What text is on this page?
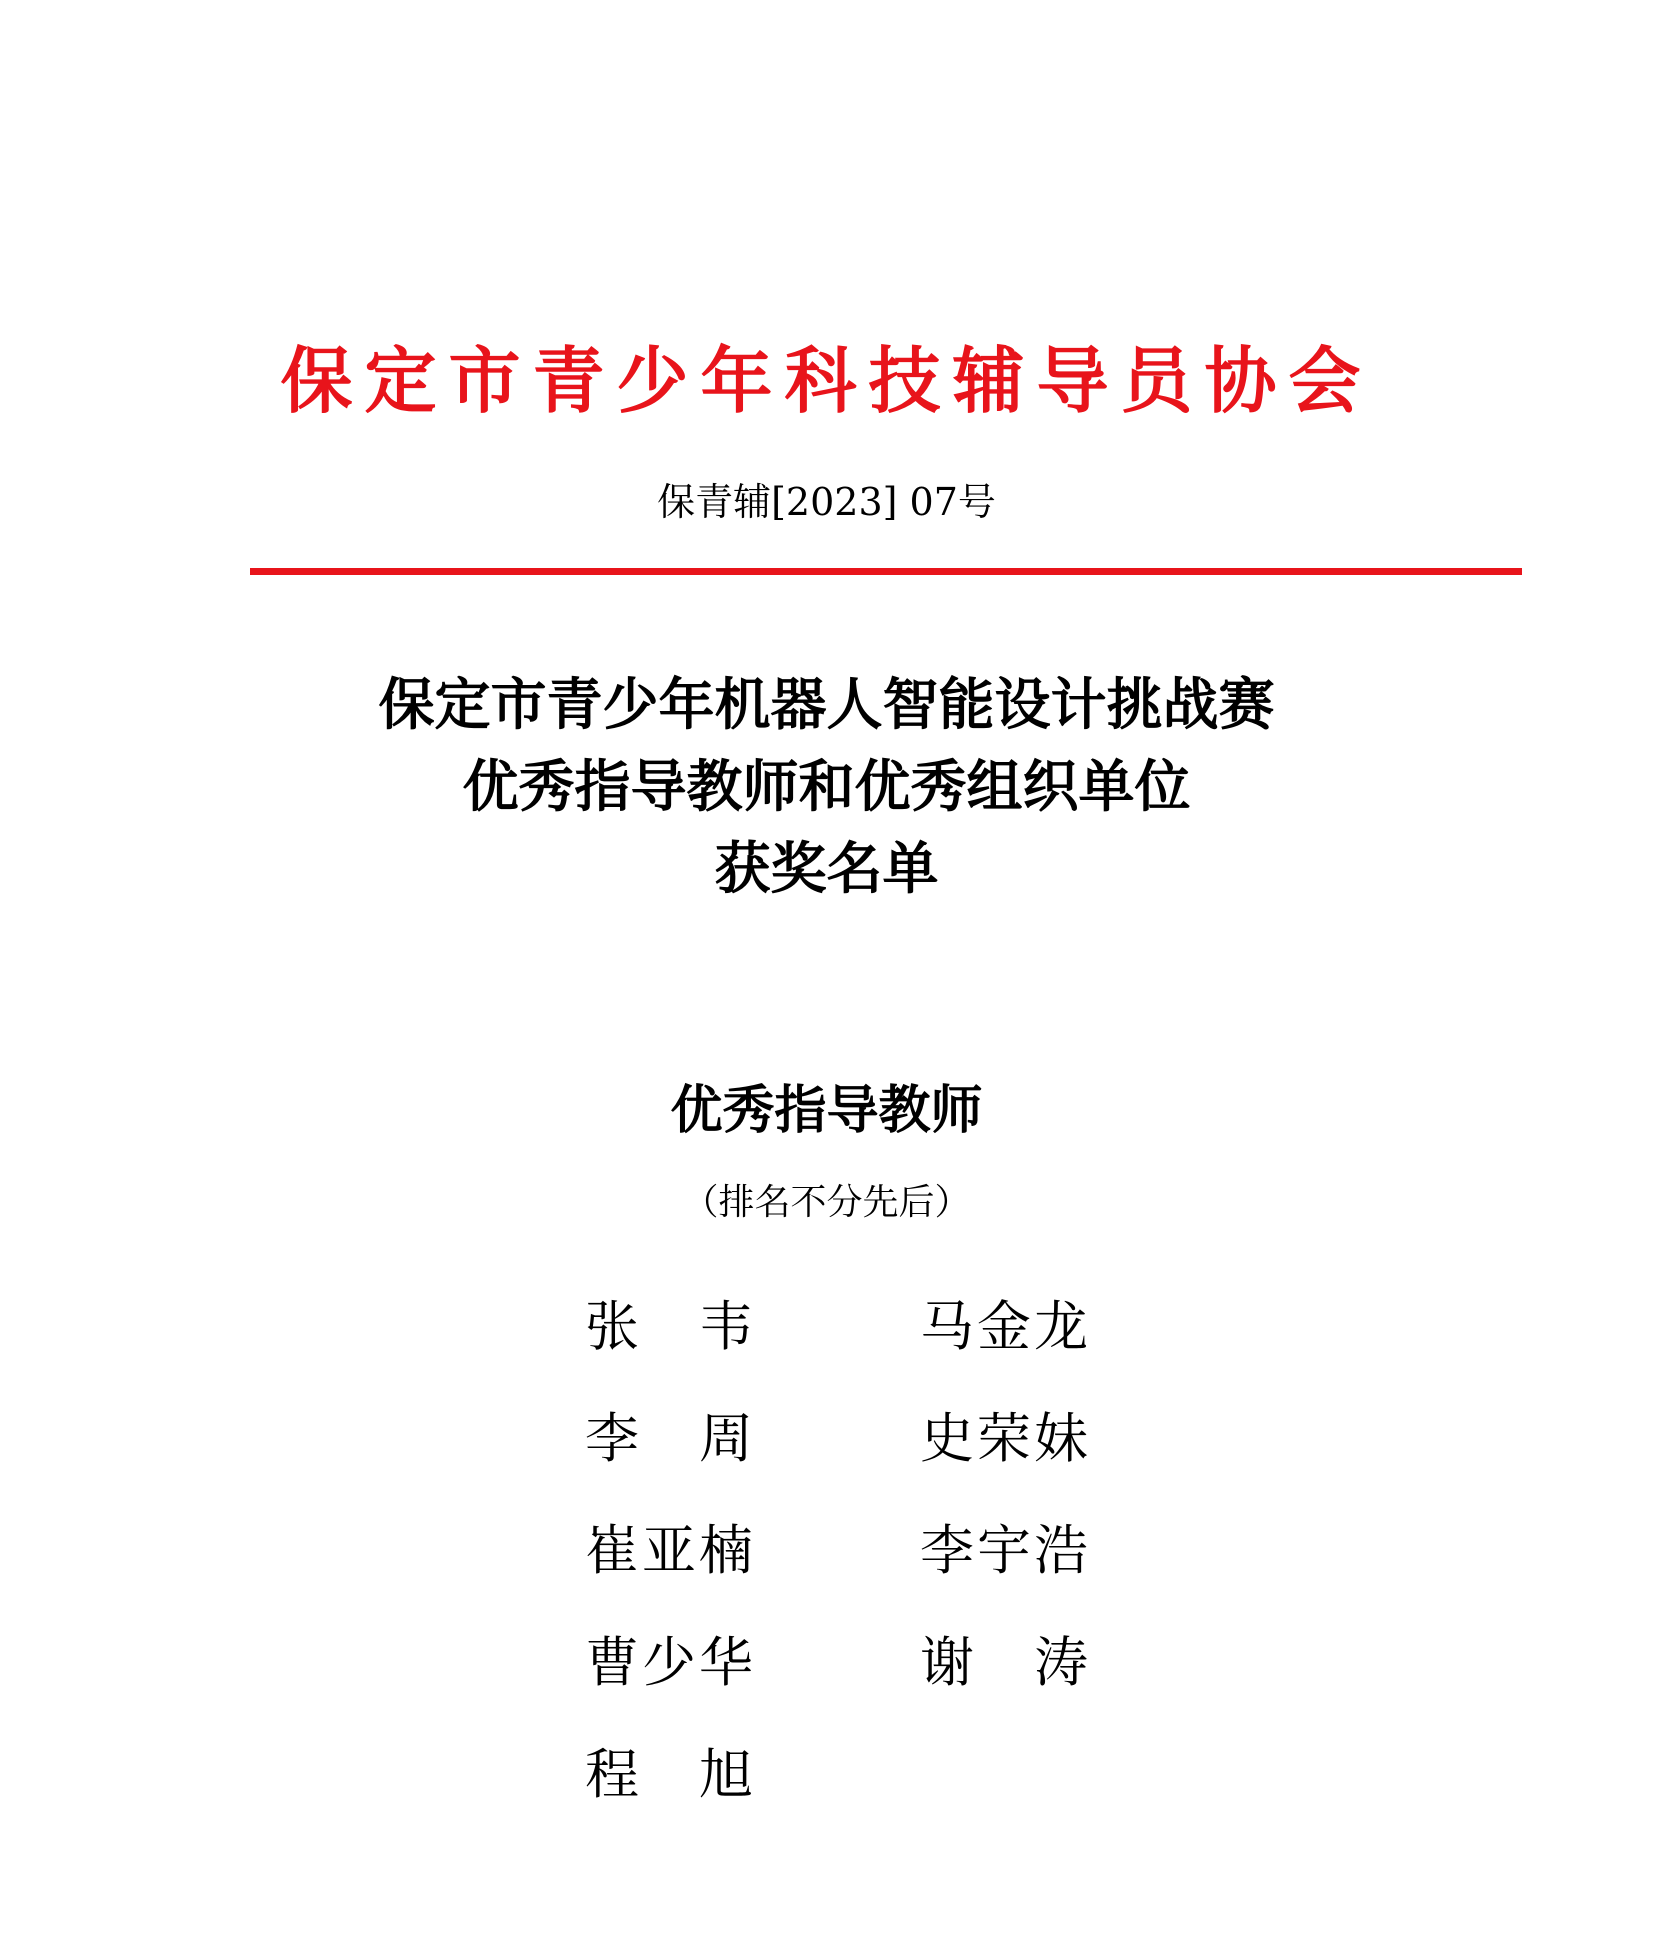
保定市青少年科技辅导员协会
保青辅[2023] 07号
保定市青少年机器人智能设计挑战赛
优秀指导教师和优秀组织单位
获奖名单
优秀指导教师
（排名不分先后）
张 韦	马 金 龙
李 周	史 荣 妹
崔 亚 楠	李 宇 浩
曹 少 华	谢 涛
程 旭
